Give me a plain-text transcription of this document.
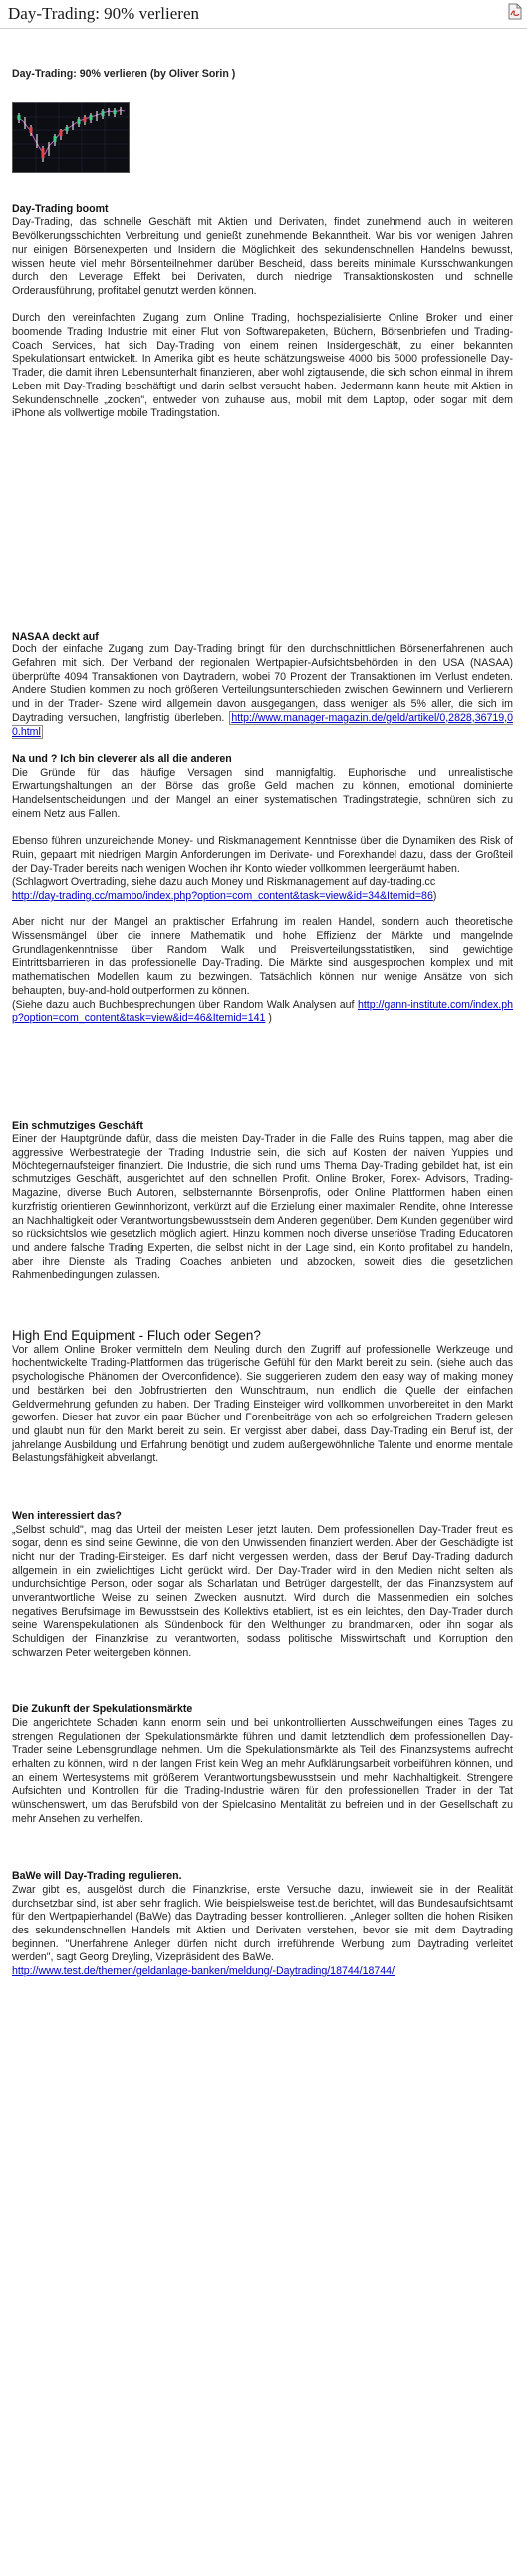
Day-Trading: 90% verlieren
Day-Trading: 90% verlieren (by Oliver Sorin )
Day-Trading boomt

Day-Trading, das schnelle Geschäft mit Aktien und Derivaten, findet zunehmend auch in weiteren Bevölkerungsschichten Verbreitung und genießt zunehmende Bekanntheit. War bis vor wenigen Jahren nur einigen Börsenexperten und Insidern die Möglichkeit des sekundenschnellen Handelns bewusst, wissen heute viel mehr Börsenteilnehmer darüber Bescheid, dass bereits minimale Kursschwankungen durch den Leverage Effekt bei Derivaten, durch niedrige Transaktionskosten und schnelle Orderausführung, profitabel genutzt werden können.

Durch den vereinfachten Zugang zum Online Trading, hochspezialisierte Online Broker und einer boomende Trading Industrie mit einer Flut von Softwarepaketen, Büchern, Börsenbriefen und Trading-Coach Services, hat sich Day-Trading von einem reinen Insidergeschäft, zu einer bekannten Spekulationsart entwickelt. In Amerika gibt es heute schätzungsweise 4000 bis 5000 professionelle Day-Trader, die damit ihren Lebensunterhalt finanzieren, aber wohl zigtausende, die sich schon einmal in ihrem Leben mit Day-Trading beschäftigt und darin selbst versucht haben. Jedermann kann heute mit Aktien in Sekundenschnelle „zocken", entweder von zuhause aus, mobil mit dem Laptop, oder sogar mit dem iPhone als vollwertige mobile Tradingstation.

NASAA deckt auf

Doch der einfache Zugang zum Day-Trading bringt für den durchschnittlichen Börsenerfahrenen auch Gefahren mit sich. Der Verband der regionalen Wertpapier-Aufsichtsbehörden in den USA (NASAA) überprüfte 4094 Transaktionen von Daytradern, wobei 70 Prozent der Transaktionen im Verlust endeten. Andere Studien kommen zu noch größeren Verteilungsunterschieden zwischen Gewinnern und Verlierern und in der Trader- Szene wird allgemein davon ausgegangen, dass weniger als 5% aller, die sich im Daytrading versuchen, langfristig überleben. http://www.manager-magazin.de/geld/artikel/0,2828,36719,00.html

Na und ? Ich bin cleverer als all die anderen

Die Gründe für das häufige Versagen sind mannigfaltig. Euphorische und unrealistische Erwartungshaltungen an der Börse das große Geld machen zu können, emotional dominierte Handelsentscheidungen und der Mangel an einer systematischen Tradingstrategie, schnüren sich zu einem Netz aus Fallen.

Ebenso führen unzureichende Money- und Riskmanagement Kenntnisse über die Dynamiken des Risk of Ruin, gepaart mit niedrigen Margin Anforderungen im Derivate- und Forexhandel dazu, dass der Großteil der Day-Trader bereits nach wenigen Wochen ihr Konto wieder vollkommen leergeräumt haben.
(Schlagwort Overtrading, siehe dazu auch Money und Riskmanagement auf day-trading.cc
http://day-trading.cc/mambo/index.php?option=com_content&task=view&id=34&Itemid=86)

Aber nicht nur der Mangel an praktischer Erfahrung im realen Handel, sondern auch theoretische Wissensmängel über die innere Mathematik und hohe Effizienz der Märkte und mangelnde Grundlagenkenntnisse über Random Walk und Preisverteilungsstatistiken, sind gewichtige Eintrittsbarrieren in das professionelle Day-Trading. Die Märkte sind ausgesprochen komplex und mit mathematischen Modellen kaum zu bezwingen. Tatsächlich können nur wenige Ansätze von sich behaupten, buy-and-hold outperformen zu können.
(Siehe dazu auch Buchbesprechungen über Random Walk Analysen auf http://gann-institute.com/index.php?option=com_content&task=view&id=46&Itemid=141 )

Ein schmutziges Geschäft

Einer der Hauptgründe dafür, dass die meisten Day-Trader in die Falle des Ruins tappen, mag aber die aggressive Werbestrategie der Trading Industrie sein, die sich auf Kosten der naiven Yuppies und Möchtegernaufsteiger finanziert. Die Industrie, die sich rund ums Thema Day-Trading gebildet hat, ist ein schmutziges Geschäft, ausgerichtet auf den schnellen Profit. Online Broker, Forex- Advisors, Trading- Magazine, diverse Buch Autoren, selbsternannte Börsenprofis, oder Online Plattformen haben einen kurzfristig orientieren Gewinnhorizont, verkürzt auf die Erzielung einer maximalen Rendite, ohne Interesse an Nachhaltigkeit oder Verantwortungsbewusstsein dem Anderen gegenüber. Dem Kunden gegenüber wird so rücksichtslos wie gesetzlich möglich agiert. Hinzu kommen noch diverse unseriöse Trading Educatoren und andere falsche Trading Experten, die selbst nicht in der Lage sind, ein Konto profitabel zu handeln, aber ihre Dienste als Trading Coaches anbieten und abzocken, soweit dies die gesetzlichen Rahmenbedingungen zulassen.

High End Equipment - Fluch oder Segen?

Vor allem Online Broker vermitteln dem Neuling durch den Zugriff auf professionelle Werkzeuge und hochentwickelte Trading-Plattformen das trügerische Gefühl für den Markt bereit zu sein. (siehe auch das psychologische Phänomen der Overconfidence). Sie suggerieren zudem den easy way of making money und bestärken bei den Jobfrustrierten den Wunschtraum, nun endlich die Quelle der einfachen Geldvermehrung gefunden zu haben. Der Trading Einsteiger wird vollkommen unvorbereitet in den Markt geworfen. Dieser hat zuvor ein paar Bücher und Forenbeiträge von ach so erfolgreichen Tradern gelesen und glaubt nun für den Markt bereit zu sein. Er vergisst aber dabei, dass Day-Trading ein Beruf ist, der jahrelange Ausbildung und Erfahrung benötigt und zudem außergewöhnliche Talente und enorme mentale Belastungsfähigkeit abverlangt.

Wen interessiert das?

„Selbst schuld", mag das Urteil der meisten Leser jetzt lauten. Dem professionellen Day-Trader freut es sogar, denn es sind seine Gewinne, die von den Unwissenden finanziert werden. Aber der Geschädigte ist nicht nur der Trading-Einsteiger. Es darf nicht vergessen werden, dass der Beruf Day-Trading dadurch allgemein in ein zwielichtiges Licht gerückt wird. Der Day-Trader wird in den Medien nicht selten als undurchsichtige Person, oder sogar als Scharlatan und Betrüger dargestellt, der das Finanzsystem auf unverantwortliche Weise zu seinen Zwecken ausnutzt. Wird durch die Massenmedien ein solches negatives Berufsimage im Bewusstsein des Kollektivs etabliert, ist es ein leichtes, den Day-Trader durch seine Warenspekulationen als Sündenbock für den Welthunger zu brandmarken, oder ihn sogar als Schuldigen der Finanzkrise zu verantworten, sodass politische Misswirtschaft und Korruption den schwarzen Peter weitergeben können.

Die Zukunft der Spekulationsmärkte

Die angerichtete Schaden kann enorm sein und bei unkontrollierten Ausschweifungen eines Tages zu strengen Regulationen der Spekulationsmärkte führen und damit letztendlich dem professionellen Day-Trader seine Lebensgrundlage nehmen. Um die Spekulationsmärkte als Teil des Finanzsystems aufrecht erhalten zu können, wird in der langen Frist kein Weg an mehr Aufklärungsarbeit vorbeiführen können, und an einem Wertesystems mit größerem Verantwortungsbewusstsein und mehr Nachhaltigkeit. Strengere Aufsichten und Kontrollen für die Trading-Industrie wären für den professionellen Trader in der Tat wünschenswert, um das Berufsbild von der Spielcasino Mentalität zu befreien und in der Gesellschaft zu mehr Ansehen zu verhelfen.

BaWe will Day-Trading regulieren.

Zwar gibt es, ausgelöst durch die Finanzkrise, erste Versuche dazu, inwieweit sie in der Realität durchsetzbar sind, ist aber sehr fraglich. Wie beispielsweise test.de berichtet, will das Bundesaufsichtsamt für den Wertpapierhandel (BaWe) das Daytrading besser kontrollieren. „Anleger sollten die hohen Risiken des sekundenschnellen Handels mit Aktien und Derivaten verstehen, bevor sie mit dem Daytrading beginnen. "Unerfahrene Anleger dürfen nicht durch irreführende Werbung zum Daytrading verleitet werden", sagt Georg Dreyling, Vizepräsident des BaWe.

http://www.test.de/themen/geldanlage-banken/meldung/-Daytrading/18744/18744/
